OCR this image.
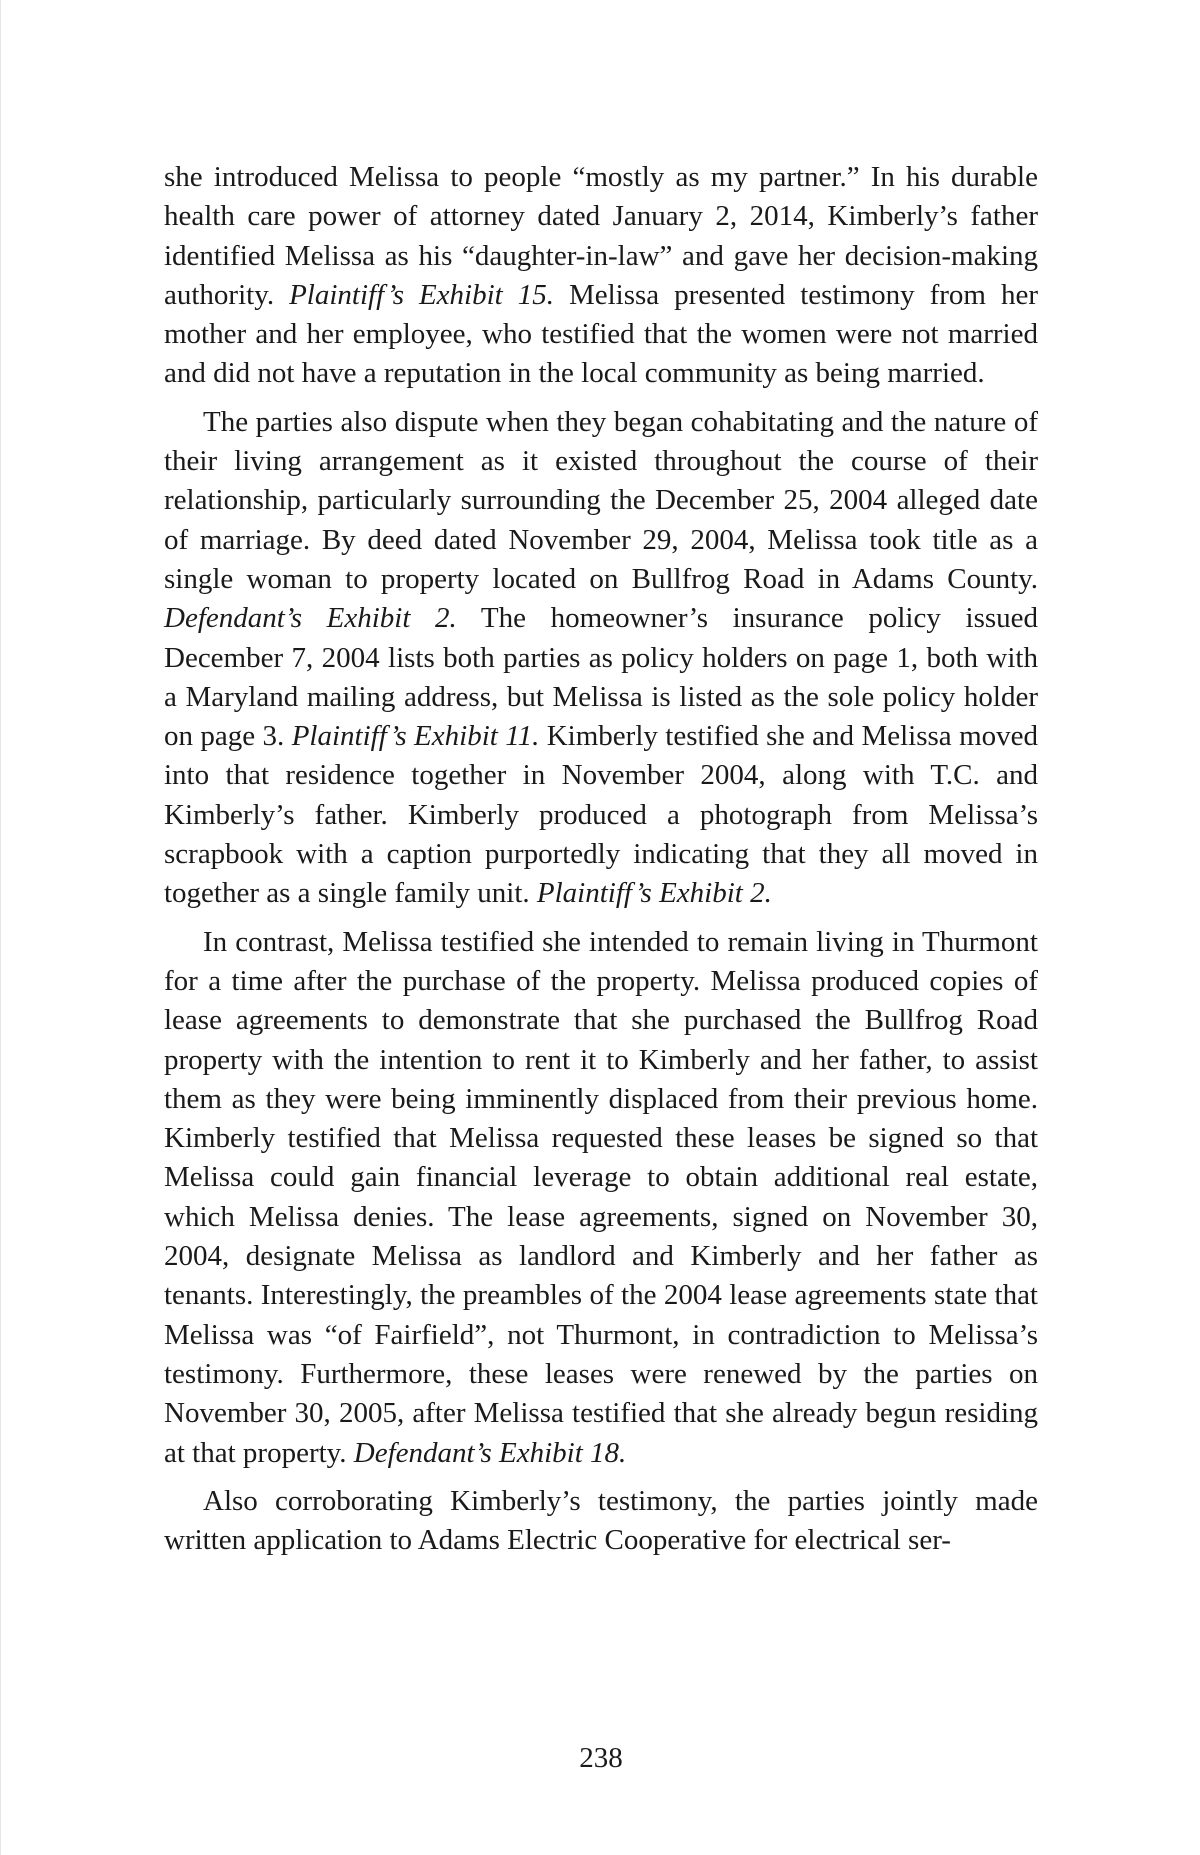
she introduced Melissa to people “mostly as my partner.” In his durable health care power of attorney dated January 2, 2014, Kimberly’s father identified Melissa as his “daughter-in-law” and gave her decision-making authority. Plaintiff’s Exhibit 15. Melissa presented testimony from her mother and her employee, who testified that the women were not married and did not have a reputation in the local community as being married.

The parties also dispute when they began cohabitating and the nature of their living arrangement as it existed throughout the course of their relationship, particularly surrounding the December 25, 2004 alleged date of marriage. By deed dated November 29, 2004, Melissa took title as a single woman to property located on Bullfrog Road in Adams County. Defendant’s Exhibit 2. The homeowner’s insurance policy issued December 7, 2004 lists both parties as policy holders on page 1, both with a Maryland mailing address, but Melissa is listed as the sole policy holder on page 3. Plaintiff’s Exhibit 11. Kimberly testified she and Melissa moved into that residence together in November 2004, along with T.C. and Kimberly’s father. Kimberly produced a photograph from Melissa’s scrapbook with a caption purportedly indicating that they all moved in together as a single family unit. Plaintiff’s Exhibit 2.

In contrast, Melissa testified she intended to remain living in Thurmont for a time after the purchase of the property. Melissa produced copies of lease agreements to demonstrate that she purchased the Bullfrog Road property with the intention to rent it to Kimberly and her father, to assist them as they were being imminently displaced from their previous home. Kimberly testified that Melissa requested these leases be signed so that Melissa could gain financial leverage to obtain additional real estate, which Melissa denies. The lease agreements, signed on November 30, 2004, designate Melissa as landlord and Kimberly and her father as tenants. Interestingly, the preambles of the 2004 lease agreements state that Melissa was “of Fairfield”, not Thurmont, in contradiction to Melissa’s testimony. Furthermore, these leases were renewed by the parties on November 30, 2005, after Melissa testified that she already begun residing at that property. Defendant’s Exhibit 18.

Also corroborating Kimberly’s testimony, the parties jointly made written application to Adams Electric Cooperative for electrical ser-

238
